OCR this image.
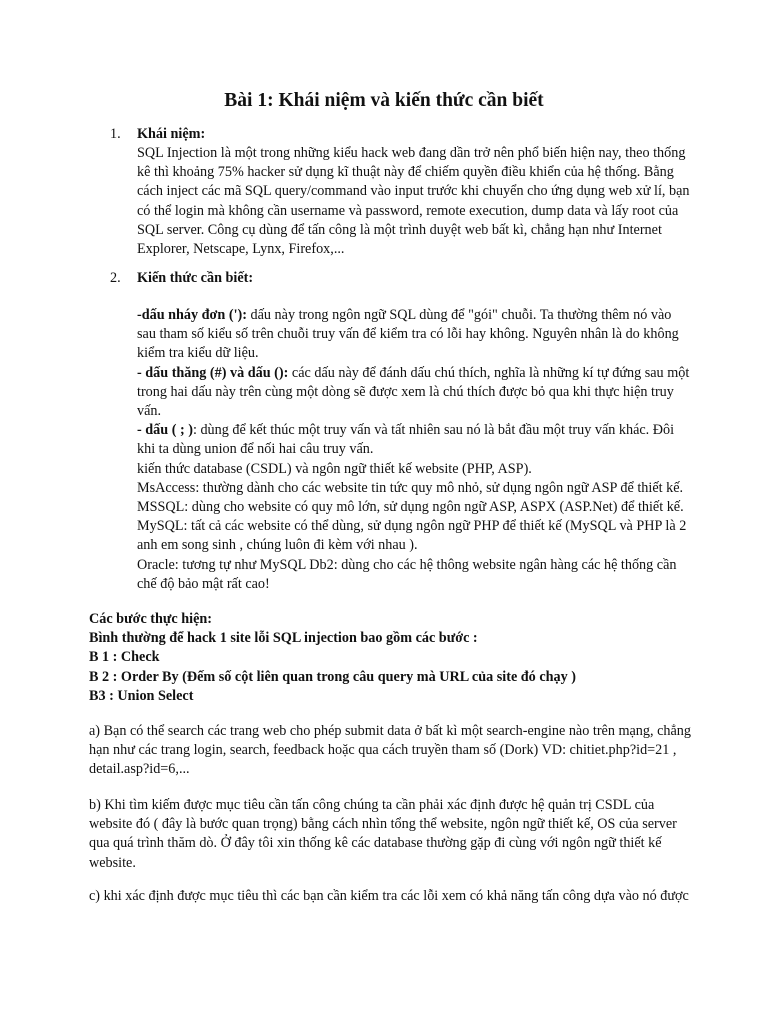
Bài 1: Khái niệm và kiến thức cần biết
1.	Khái niệm:
SQL Injection là một trong những kiểu hack web đang dần trở nên phổ biến hiện nay, theo thống
kê thì khoảng 75% hacker sử dụng kĩ thuật này để chiếm quyền điều khiển của hệ thống. Bằng
cách inject các mã SQL query/command vào input trước khi chuyển cho ứng dụng web xử lí, bạn
có thể login mà không cần username và password, remote execution, dump data và lấy root của
SQL server. Công cụ dùng để tấn công là một trình duyệt web bất kì, chẳng hạn như Internet
Explorer, Netscape, Lynx, Firefox,...
2.	Kiến thức cần biết:
-dấu nháy đơn ('): dấu này trong ngôn ngữ SQL dùng để "gói" chuỗi. Ta thường thêm nó vào
sau tham số kiểu số trên chuỗi truy vấn để kiểm tra có lỗi hay không. Nguyên nhân là do không
kiểm tra kiểu dữ liệu.
- dấu thăng (#) và dấu (): các dấu này để đánh dấu chú thích, nghĩa là những kí tự đứng sau một
trong hai dấu này trên cùng một dòng sẽ được xem là chú thích được bỏ qua khi thực hiện truy
vấn.
- dấu ( ; ): dùng để kết thúc một truy vấn và tất nhiên sau nó là bắt đầu một truy vấn khác. Đôi
khi ta dùng union để nối hai câu truy vấn.
kiến thức database (CSDL) và ngôn ngữ thiết kế website (PHP, ASP).
MsAccess: thường dành cho các website tin tức quy mô nhỏ, sử dụng ngôn ngữ ASP để thiết kế.
MSSQL: dùng cho website có quy mô lớn, sử dụng ngôn ngữ ASP, ASPX (ASP.Net) để thiết kế.
MySQL: tất cả các website có thể dùng, sử dụng ngôn ngữ PHP để thiết kế (MySQL và PHP là 2
anh em song sinh , chúng luôn đi kèm với nhau ).
Oracle: tương tự như MySQL Db2: dùng cho các hệ thông website ngân hàng các hệ thống cần
chế độ bảo mật rất cao!
Các bước thực hiện:
Bình thường để hack 1 site lỗi SQL injection bao gồm các bước :
B 1 : Check
B 2 : Order By (Đếm số cột liên quan trong câu query mà URL của site đó chạy )
B3 : Union Select
a) Bạn có thể search các trang web cho phép submit data ở bất kì một search-engine nào trên mạng, chẳng
hạn như các trang login, search, feedback hoặc qua cách truyền tham số (Dork) VD: chitiet.php?id=21 ,
detail.asp?id=6,...
b) Khi tìm kiếm được mục tiêu cần tấn công chúng ta cần phải xác định được hệ quản trị CSDL của
website đó ( đây là bước quan trọng) bằng cách nhìn tổng thể website, ngôn ngữ thiết kế, OS của server
qua quá trình thăm dò. Ở đây tôi xin thống kê các database thường gặp đi cùng với ngôn ngữ thiết kế
website.
c) khi xác định được mục tiêu thì các bạn cần kiểm tra các lỗi xem có khả năng tấn công dựa vào nó được
